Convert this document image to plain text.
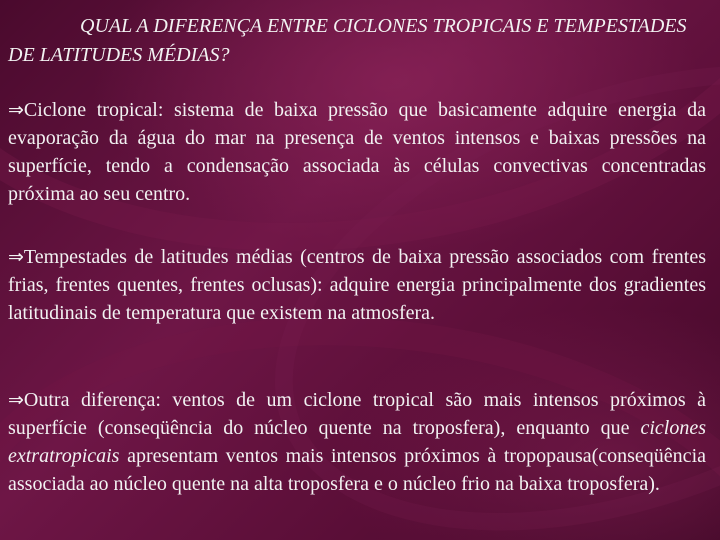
QUAL A DIFERENÇA ENTRE CICLONES TROPICAIS E TEMPESTADES DE LATITUDES MÉDIAS?

⇒Ciclone tropical: sistema de baixa pressão que basicamente adquire energia da evaporação da água do mar na presença de ventos intensos e baixas pressões na superfície, tendo a condensação associada às células convectivas concentradas próxima ao seu centro.

⇒Tempestades de latitudes médias (centros de baixa pressão associados com frentes frias, frentes quentes, frentes oclusas): adquire energia principalmente dos gradientes latitudinais de temperatura que existem na atmosfera.

⇒Outra diferença: ventos de um ciclone tropical são mais intensos próximos à superfície (conseqüência do núcleo quente na troposfera), enquanto que ciclones extratropicais apresentam ventos mais intensos próximos à tropopausa(conseqüência associada ao núcleo quente na alta troposfera e o núcleo frio na baixa troposfera).
